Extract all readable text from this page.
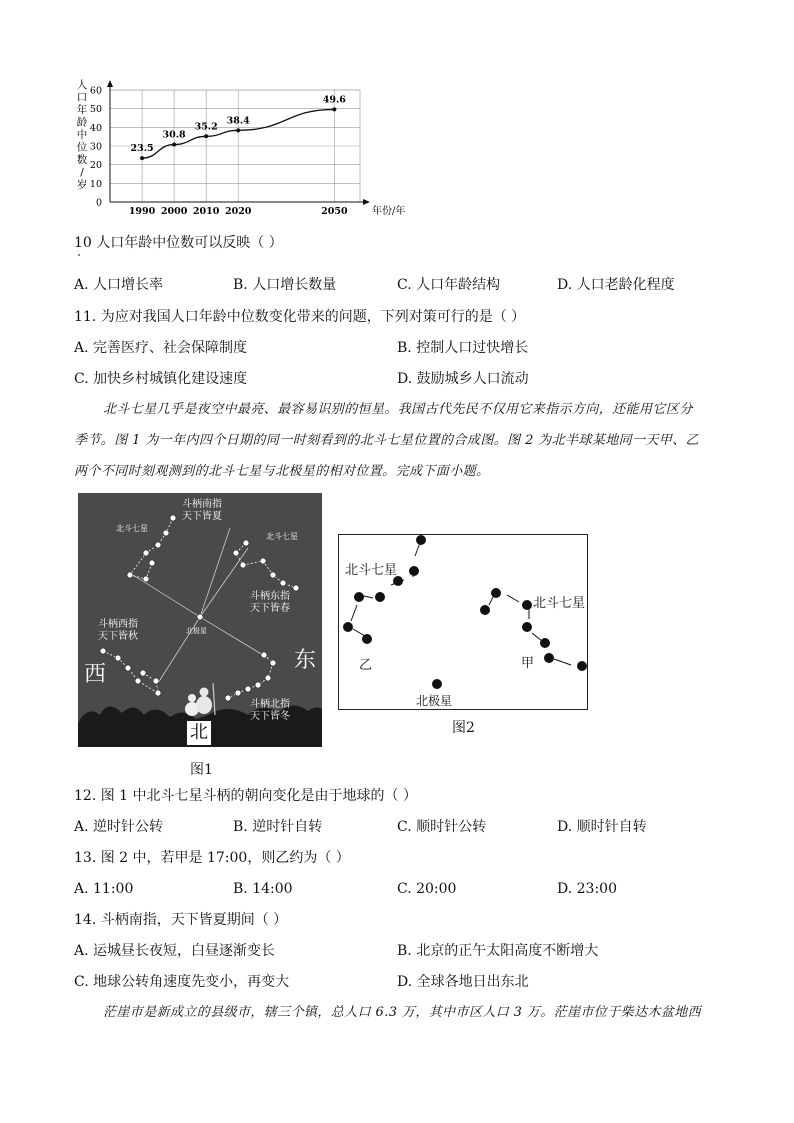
人
口
年
龄
中
位
数
/
岁
0
10
20
30
40
50
60
1990 2000 2010 2020	2050 年份/年
23.5
30.8
35.2
38.4
49.6
10 人口年龄中位数可以反映（ ）
A. 人口增长率	B. 人口增长数量	C. 人口年龄结构	D. 人口老龄化程度
11. 为应对我国人口年龄中位数变化带来的问题，下列对策可行的是（ ）
A. 完善医疗、社会保障制度	B. 控制人口过快增长
C. 加快乡村城镇化建设速度	D. 鼓励城乡人口流动
北斗七星几乎是夜空中最亮、最容易识别的恒星。我国古代先民不仅用它来指示方向，还能用它区分
季节。图 1 为一年内四个日期的同一时刻看到的北斗七星位置的合成图。图 2 为北半球某地同一天甲、乙
两个不同时刻观测到的北斗七星与北极星的相对位置。完成下面小题。
斗柄南指
天下皆夏
斗柄东指
天下皆春
斗柄西指
天下皆秋
斗柄北指
天下皆冬
北斗七星
北斗七星
北极星
西
东
北
图1
北斗七星
北斗七星
乙	甲
北极星
图2
12. 图 1 中北斗七星斗柄的朝向变化是由于地球的（ ）
A. 逆时针公转	B. 逆时针自转	C. 顺时针公转	D. 顺时针自转
13. 图 2 中，若甲是 17:00，则乙约为（ ）
A. 11:00	B. 14:00	C. 20:00	D. 23:00
14. 斗柄南指，天下皆夏期间（ ）
A. 运城昼长夜短，白昼逐渐变长	B. 北京的正午太阳高度不断增大
C. 地球公转角速度先变小，再变大	D. 全球各地日出东北
茫崖市是新成立的县级市，辖三个镇，总人口 6.3 万，其中市区人口 3 万。茫崖市位于柴达木盆地西
